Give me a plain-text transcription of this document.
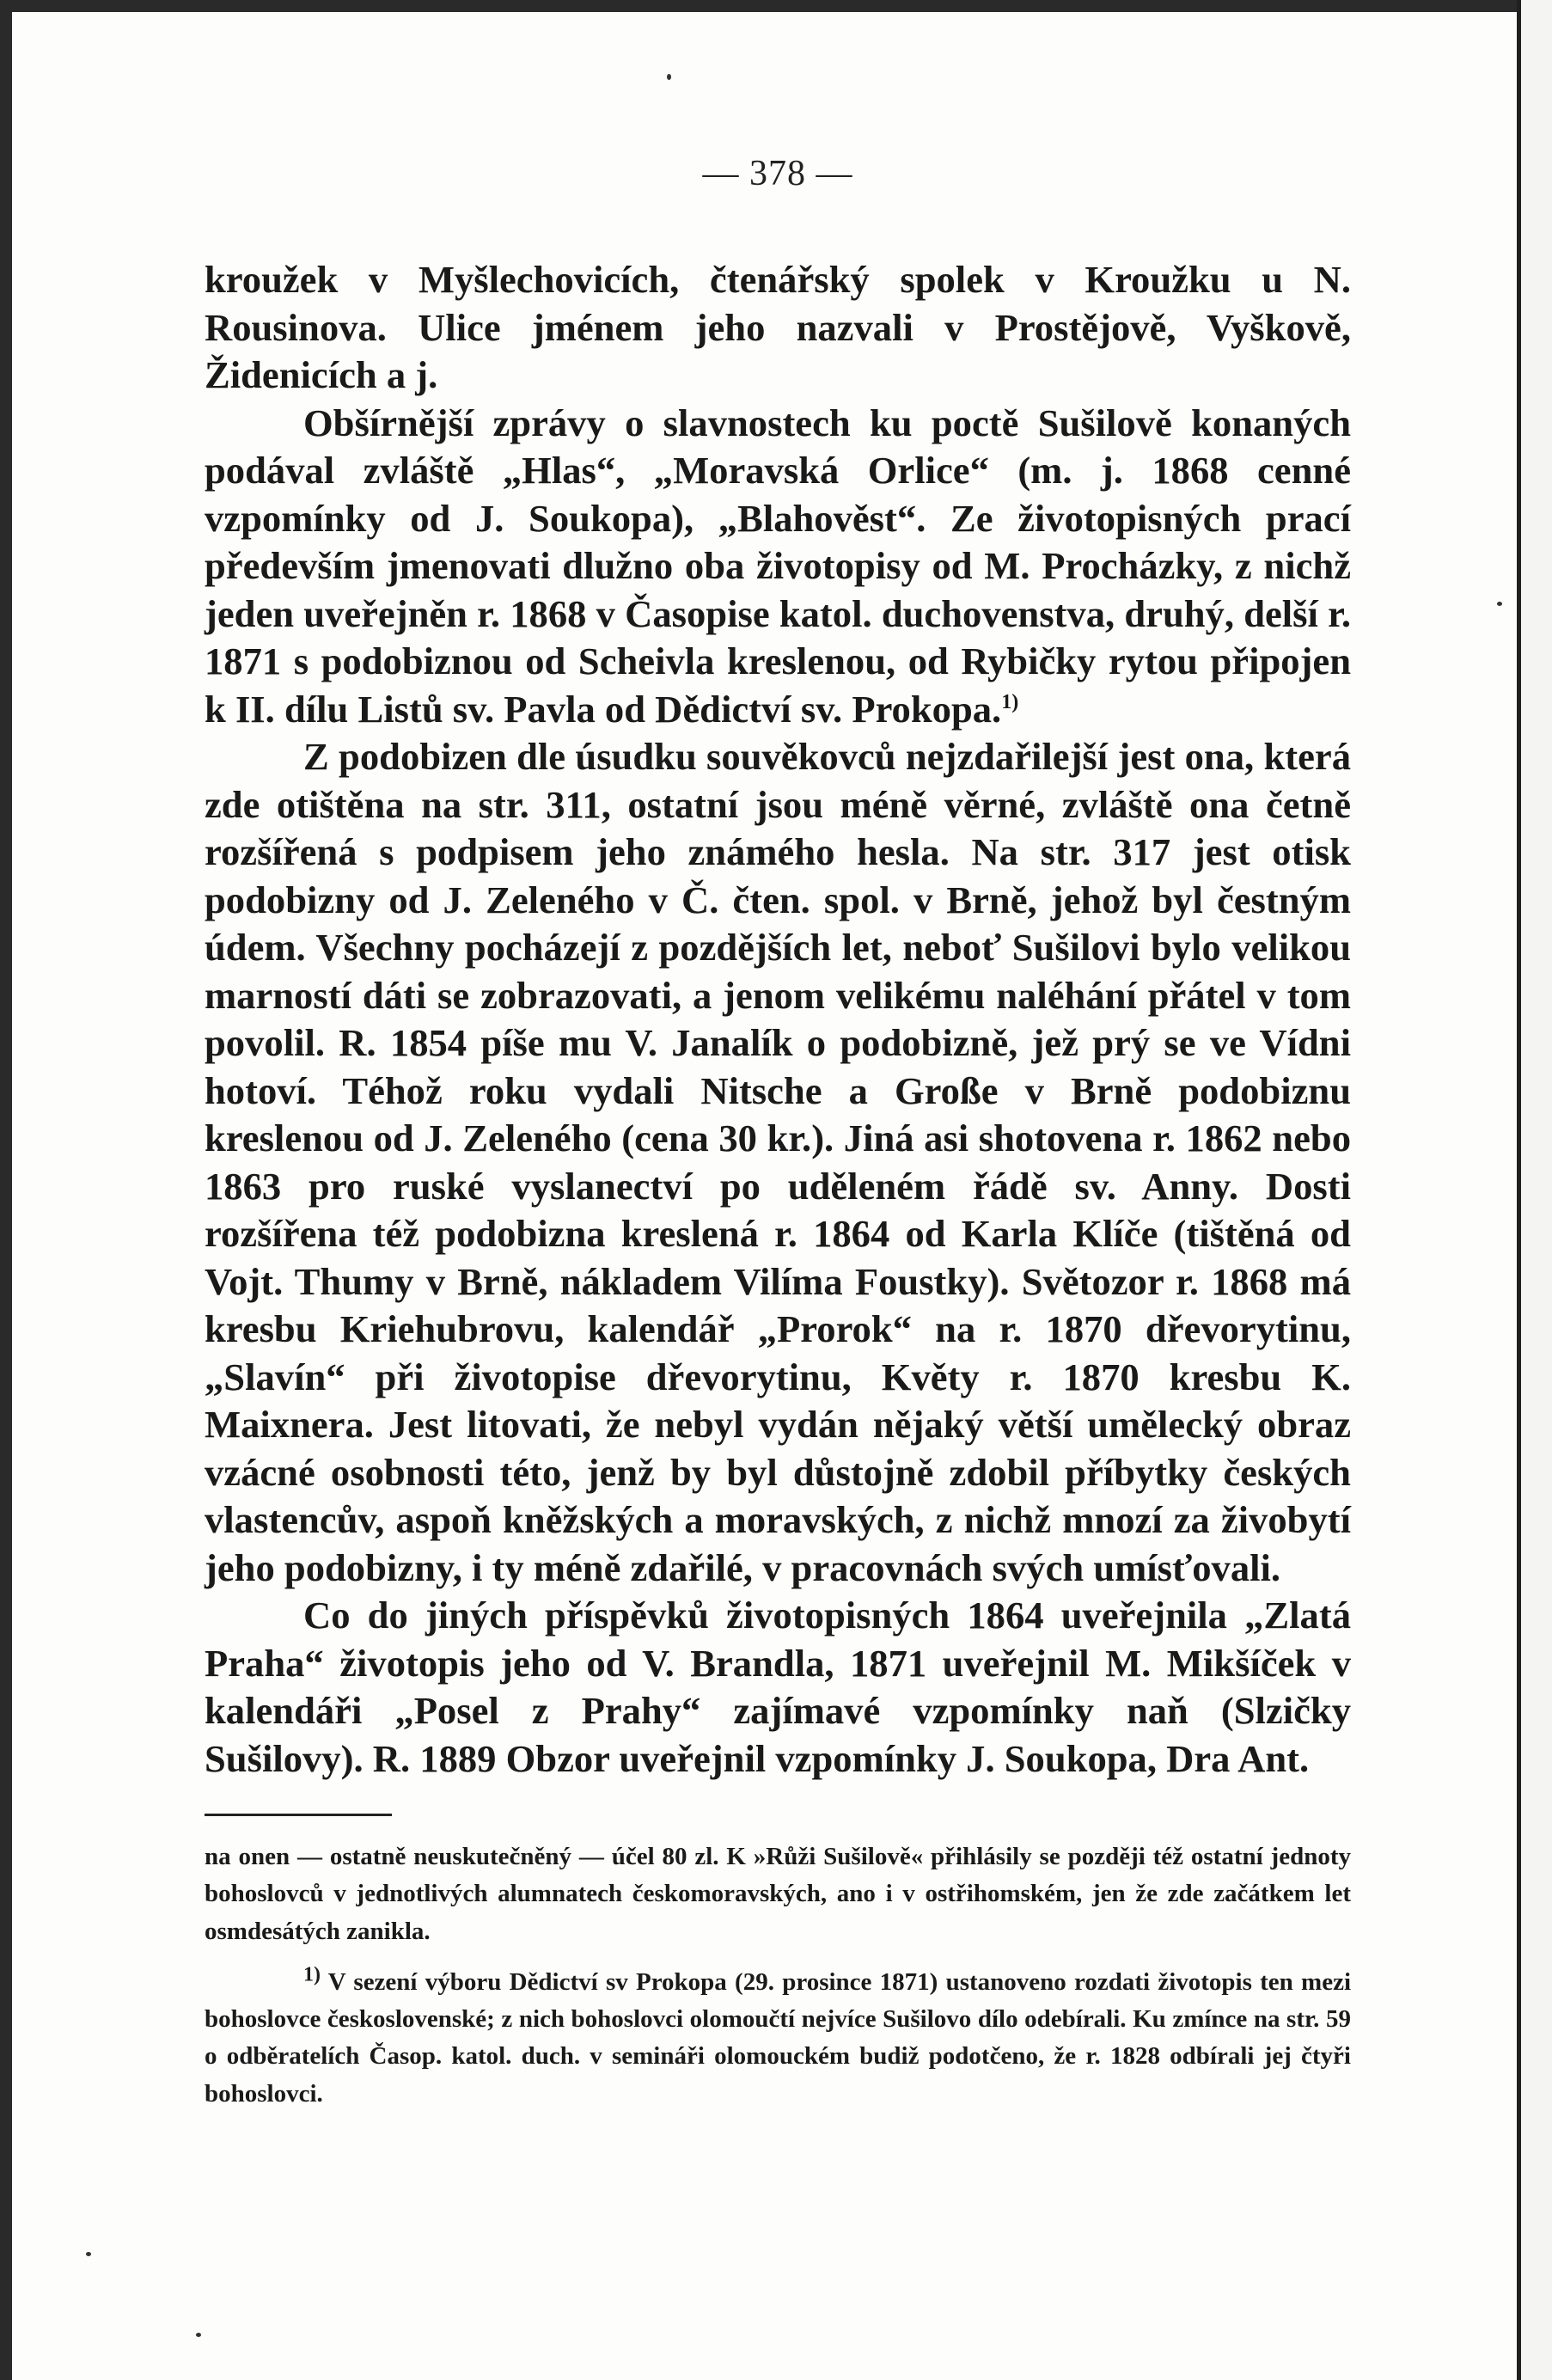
— 378 —

kroužek v Myšlechovicích, čtenářský spolek v Kroužku u N. Rousinova. Ulice jménem jeho nazvali v Prostějově, Vyškově, Židenicích a j.

Obšírnější zprávy o slavnostech ku poctě Sušilově konaných podával zvláště „Hlas“, „Moravská Orlice“ (m. j. 1868 cenné vzpomínky od J. Soukopa), „Blahověst“. Ze životopisných prací především jmenovati dlužno oba životopisy od M. Procházky, z nichž jeden uveřejněn r. 1868 v Časopise katol. duchovenstva, druhý, delší r. 1871 s podobiznou od Scheivla kreslenou, od Rybičky rytou připojen k II. dílu Listů sv. Pavla od Dědictví sv. Prokopa.$^{1)}$

Z podobizen dle úsudku souvěkovců nejzdařilejší jest ona, která zde otištěna na str. 311, ostatní jsou méně věrné, zvláště ona četně rozšířená s podpisem jeho známého hesla. Na str. 317 jest otisk podobizny od J. Zeleného v Č. čten. spol. v Brně, jehož byl čestným údem. Všechny pocházejí z pozdějších let, neboť Sušilovi bylo velikou marností dáti se zobrazovati, a jenom velikému naléhání přátel v tom povolil. R. 1854 píše mu V. Janalík o podobizně, jež prý se ve Vídni hotoví. Téhož roku vydali Nitsche a Große v Brně podobiznu kreslenou od J. Zeleného (cena 30 kr.). Jiná asi shotovena r. 1862 nebo 1863 pro ruské vyslanectví po uděleném řádě sv. Anny. Dosti rozšířena též podobizna kreslená r. 1864 od Karla Klíče (tištěná od Vojt. Thumy v Brně, nákladem Vilíma Foustky). Světozor r. 1868 má kresbu Kriehubrovu, kalendář „Prorok“ na r. 1870 dřevorytinu, „Slavín“ při životopise dřevorytinu, Květy r. 1870 kresbu K. Maixnera. Jest litovati, že nebyl vydán nějaký větší umělecký obraz vzácné osobnosti této, jenž by byl důstojně zdobil příbytky českých vlastencův, aspoň kněžských a moravských, z nichž mnozí za živobytí jeho podobizny, i ty méně zdařilé, v pracovnách svých umísťovali.

Co do jiných příspěvků životopisných 1864 uveřejnila „Zlatá Praha“ životopis jeho od V. Brandla, 1871 uveřejnil M. Mikšíček v kalendáři „Posel z Prahy“ zajímavé vzpomínky naň (Slzičky Sušilovy). R. 1889 Obzor uveřejnil vzpomínky J. Soukopa, Dra Ant.

na onen — ostatně neuskutečněný — účel 80 zl. K »Růži Sušilově« přihlásily se později též ostatní jednoty bohoslovců v jednotlivých alumnatech českomoravských, ano i v ostřihomském, jen že zde začátkem let osmdesátých zanikla.

$^{1)}$ V sezení výboru Dědictví sv Prokopa (29. prosince 1871) ustanoveno rozdati životopis ten mezi bohoslovce československé; z nich bohoslovci olomoučtí nejvíce Sušilovo dílo odebírali. Ku zmínce na str. 59 o odběratelích Časop. katol. duch. v semináři olomouckém budiž podotčeno, že r. 1828 odbírali jej čtyři bohoslovci.
